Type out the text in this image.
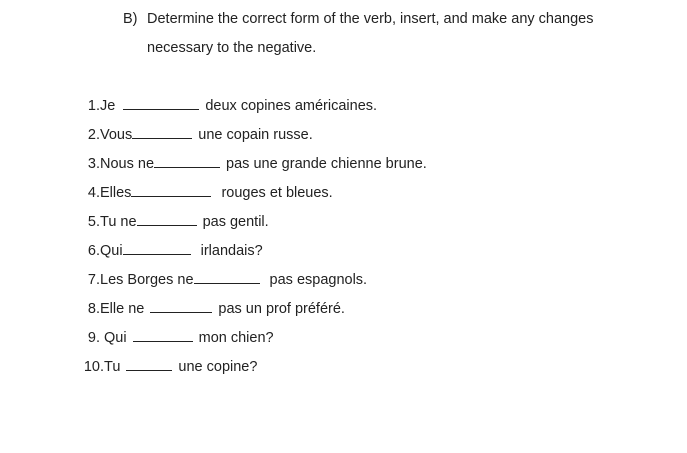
B) Determine the correct form of the verb, insert, and make any changes
necessary to the negative.
1. Je	deux copines américaines.
2. Vous	une copain russe.
3. Nous ne	pas une grande chienne brune.
4. Elles	rouges et bleues.
5. Tu ne	pas gentil.
6. Qui	irlandais?
7. Les Borges ne	pas espagnols.
8. Elle ne	pas un prof préféré.
9. Qui	mon chien?
10. Tu	une copine?
